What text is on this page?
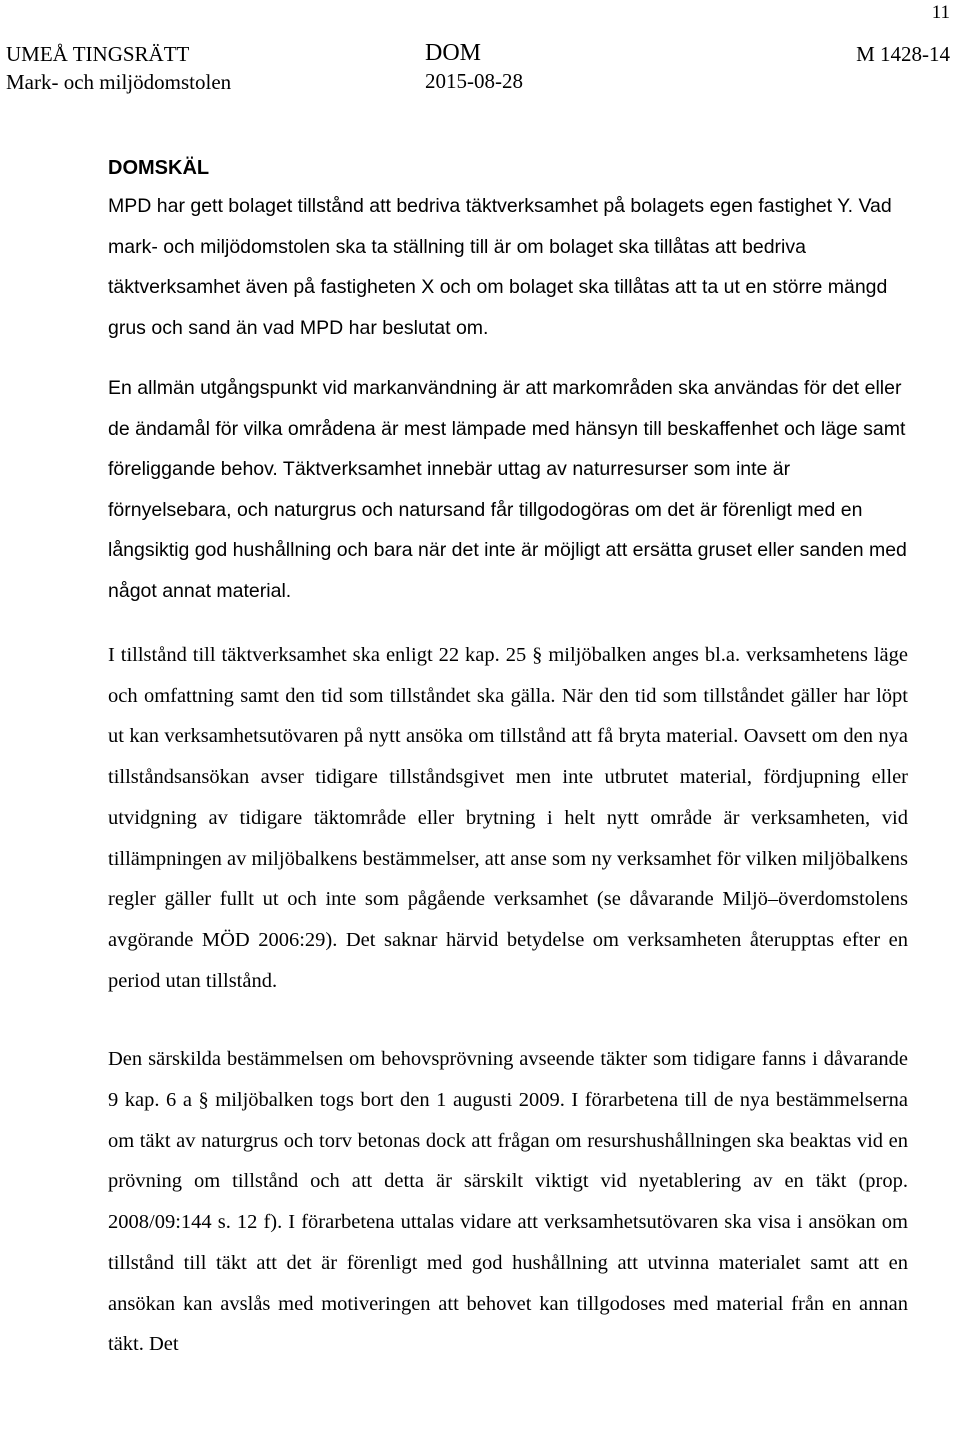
11
UMEÅ TINGSRÄTT
Mark- och miljödomstolen
DOM
2015-08-28
M 1428-14
DOMSKÄL

MPD har gett bolaget tillstånd att bedriva täktverksamhet på bolagets egen fastighet Y. Vad mark- och miljödomstolen ska ta ställning till är om bolaget ska tillåtas att bedriva täktverksamhet även på fastigheten X och om bolaget ska tillåtas att ta ut en större mängd grus och sand än vad MPD har beslutat om.

En allmän utgångspunkt vid markanvändning är att markområden ska användas för det eller de ändamål för vilka områdena är mest lämpade med hänsyn till beskaffenhet och läge samt föreliggande behov. Täktverksamhet innebär uttag av naturresurser som inte är förnyelsebara, och naturgrus och natursand får tillgodogöras om det är förenligt med en långsiktig god hushållning och bara när det inte är möjligt att ersätta gruset eller sanden med något annat material.

I tillstånd till täktverksamhet ska enligt 22 kap. 25 § miljöbalken anges bl.a. verksamhetens läge och omfattning samt den tid som tillståndet ska gälla. När den tid som tillståndet gäller har löpt ut kan verksamhetsutövaren på nytt ansöka om tillstånd att få bryta material. Oavsett om den nya tillståndsansökan avser tidigare tillståndsgivet men inte utbrutet material, fördjupning eller utvidgning av tidigare täktområde eller brytning i helt nytt område är verksamheten, vid tillämpningen av miljöbalkens bestämmelser, att anse som ny verksamhet för vilken miljöbalkens regler gäller fullt ut och inte som pågående verksamhet (se dåvarande Miljö–överdomstolens avgörande MÖD 2006:29). Det saknar härvid betydelse om verksamheten återupptas efter en period utan tillstånd.

Den särskilda bestämmelsen om behovsprövning avseende täkter som tidigare fanns i dåvarande 9 kap. 6 a § miljöbalken togs bort den 1 augusti 2009. I förarbetena till de nya bestämmelserna om täkt av naturgrus och torv betonas dock att frågan om resurshushållningen ska beaktas vid en prövning om tillstånd och att detta är särskilt viktigt vid nyetablering av en täkt (prop. 2008/09:144 s. 12 f). I förarbetena uttalas vidare att verksamhetsutövaren ska visa i ansökan om tillstånd till täkt att det är förenligt med god hushållning att utvinna materialet samt att en ansökan kan avslås med motiveringen att behovet kan tillgodoses med material från en annan täkt. Det
